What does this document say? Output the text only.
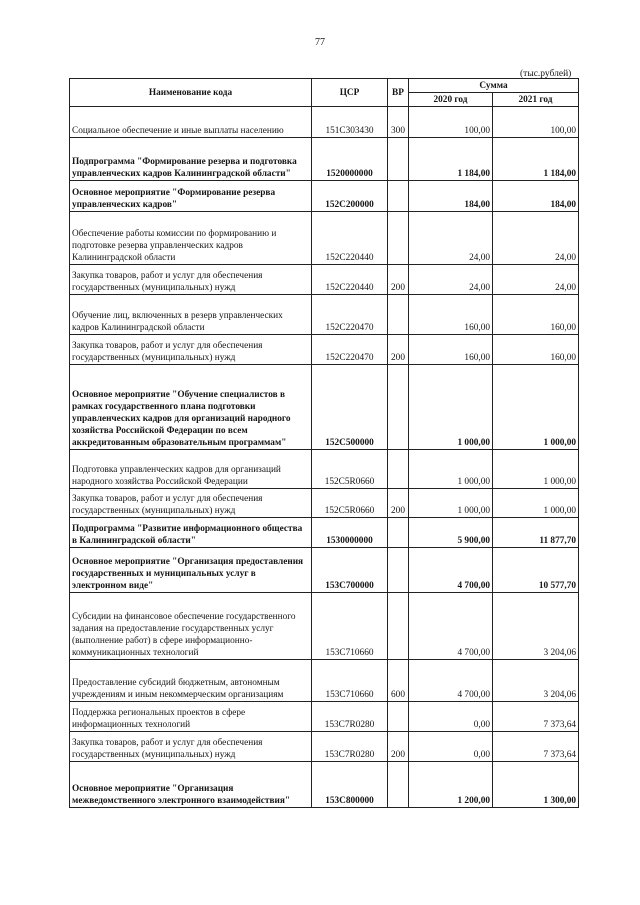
77
(тыс.рублей)
Наименование кода	ЦСР	ВР	Сумма	
			2020 год	2021 год
Социальное обеспечение и иные выплаты населению	151C303430	300	100,00	100,00
Подпрограмма "Формирование резерва и подготовка управленческих кадров Калининградской области"	1520000000		1 184,00	1 184,00
Основное мероприятие "Формирование резерва управленческих кадров"	152C200000		184,00	184,00
Обеспечение работы комиссии по формированию и подготовке резерва управленческих кадров Калининградской области	152C220440		24,00	24,00
Закупка товаров, работ и услуг для обеспечения государственных (муниципальных) нужд	152C220440	200	24,00	24,00
Обучение лиц, включенных в резерв управленческих кадров Калининградской области	152C220470		160,00	160,00
Закупка товаров, работ и услуг для обеспечения государственных (муниципальных) нужд	152C220470	200	160,00	160,00
Основное мероприятие "Обучение специалистов в рамках государственного плана подготовки управленческих кадров для организаций народного хозяйства Российской Федерации по всем аккредитованным образовательным программам"	152C500000		1 000,00	1 000,00
Подготовка управленческих кадров для организаций народного хозяйства Российской Федерации	152C5R0660		1 000,00	1 000,00
Закупка товаров, работ и услуг для обеспечения государственных (муниципальных) нужд	152C5R0660	200	1 000,00	1 000,00
Подпрограмма "Развитие информационного общества в Калининградской области"	1530000000		5 900,00	11 877,70
Основное мероприятие "Организация предоставления государственных и муниципальных услуг в электронном виде"	153C700000		4 700,00	10 577,70
Субсидии на финансовое обеспечение государственного задания на предоставление государственных услуг (выполнение работ) в сфере информационно-коммуникационных технологий	153C710660		4 700,00	3 204,06
Предоставление субсидий бюджетным, автономным учреждениям и иным некоммерческим организациям	153C710660	600	4 700,00	3 204,06
Поддержка региональных проектов в сфере информационных технологий	153C7R0280		0,00	7 373,64
Закупка товаров, работ и услуг для обеспечения государственных (муниципальных) нужд	153C7R0280	200	0,00	7 373,64
Основное мероприятие "Организация межведомственного электронного взаимодействия"	153C800000		1 200,00	1 300,00
